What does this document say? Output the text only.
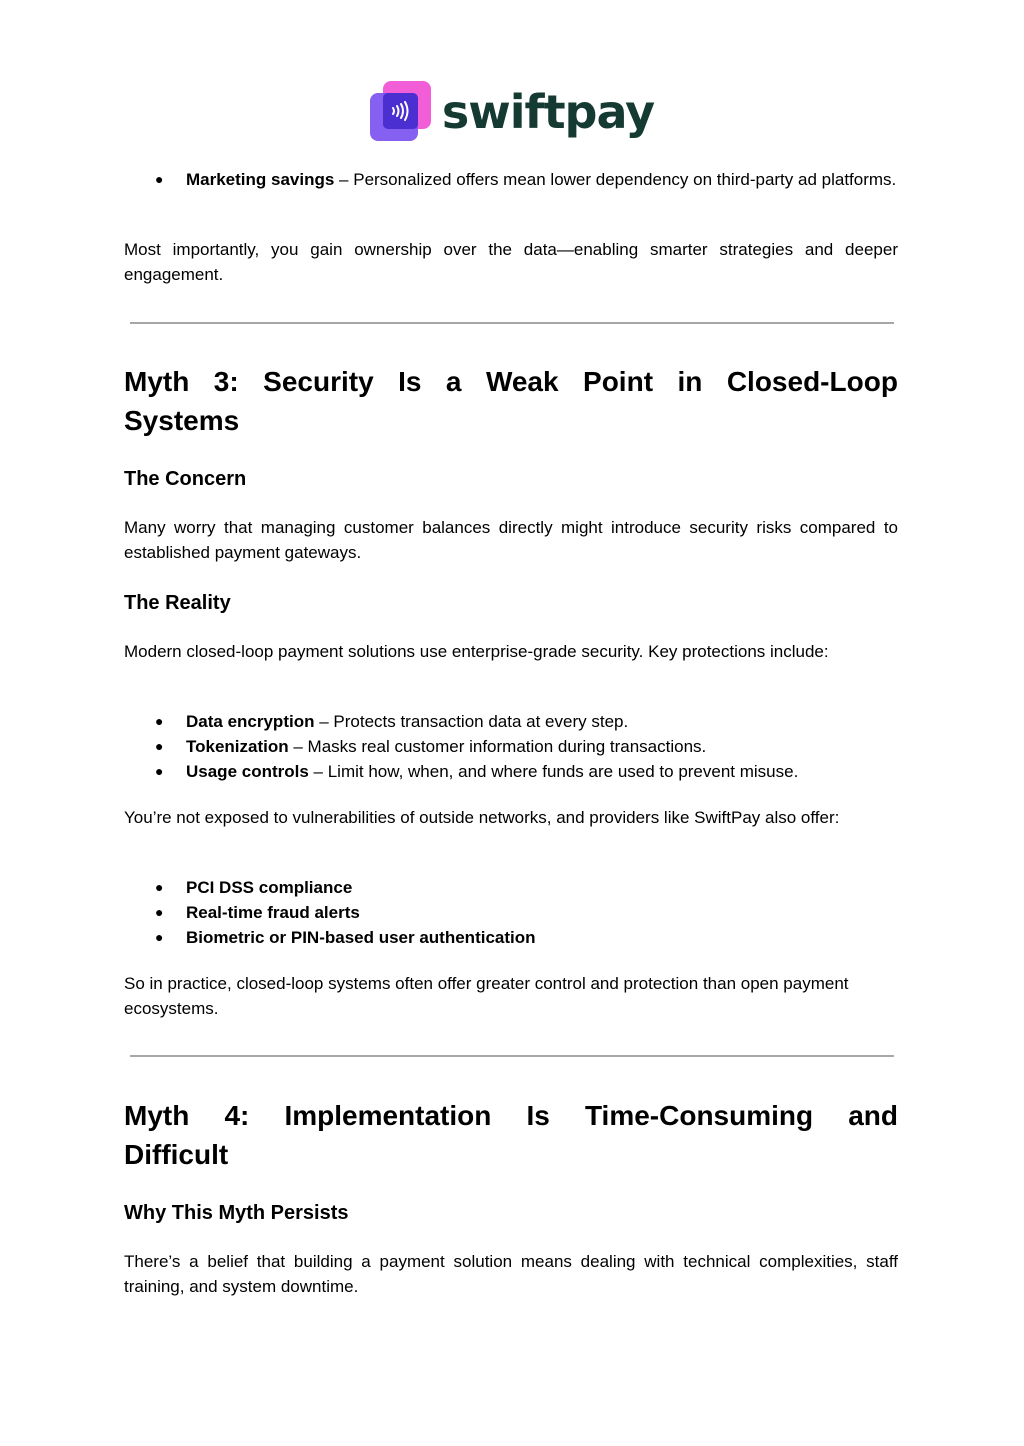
swiftpay
● Marketing savings – Personalized offers mean lower dependency on third-party ad platforms.

Most importantly, you gain ownership over the data—enabling smarter strategies and deeper engagement.

Myth 3: Security Is a Weak Point in Closed-Loop
Systems
The Concern

Many worry that managing customer balances directly might introduce security risks compared to established payment gateways.

The Reality

Modern closed-loop payment solutions use enterprise-grade security. Key protections include:

● Data encryption – Protects transaction data at every step.
● Tokenization – Masks real customer information during transactions.
● Usage controls – Limit how, when, and where funds are used to prevent misuse.

You’re not exposed to vulnerabilities of outside networks, and providers like SwiftPay also offer:

● PCI DSS compliance
● Real-time fraud alerts
● Biometric or PIN-based user authentication

So in practice, closed-loop systems often offer greater control and protection than open payment ecosystems.

Myth 4: Implementation Is Time-Consuming and
Difficult
Why This Myth Persists

There’s a belief that building a payment solution means dealing with technical complexities, staff training, and system downtime.
